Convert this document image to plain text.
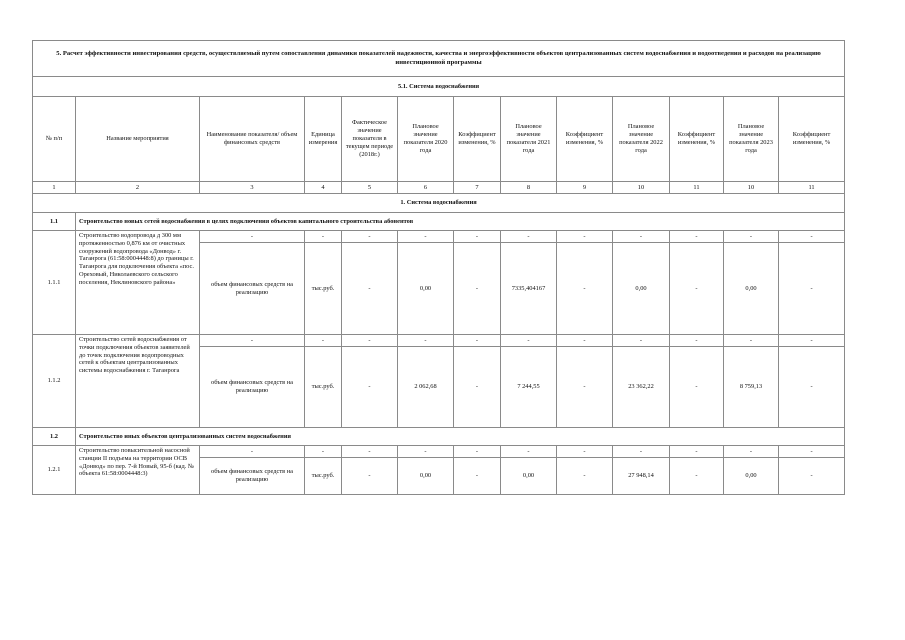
5. Расчет эффективности инвестирования средств, осуществляемый путем сопоставления динамики показателей надежности, качества и энергоэффективности объектов централизованных систем водоснабжения и водоотведения и расходов на реализацию инвестиционной программы												
5.1. Система водоснабжения												
№ п/п	Название мероприятия	Наименование показателя/ объем финансовых средств	Единица измерения	Фактическое значение показателя в текущем периоде (2018г.)	Плановое значение показателя 2020 года	Коэффициент изменения, %	Плановое значение показателя 2021 года	Коэффициент изменения, %	Плановое значение показателя 2022 года	Коэффициент изменения, %	Плановое значение показателя 2023 года	Коэффициент изменения, %
1	2	3	4	5	6	7	8	9	10	11	10	11
1. Система водоснабжения												
1.1	Строительство новых сетей водоснабжения в целях подключения объектов капитального строительства абонентов											
1.1.1	Строительство водопровода д 300 мм протяженностью 0,876 км от очистных сооружений водопровода «Донвод» г. Таганрога (61:58:0004448:8) до границы г. Таганрога для подключения объекта «пос. Ореховый, Николаевского сельского поселения, Неклиновского района»	-	-	-	-	-	-	-	-	-	-	-
		объем финансовых средств на реализацию	тыс.руб.	-	0,00	-	7335,404167	-	0,00	-	0,00	-
1.1.2	Строительство сетей водоснабжения от точки подключения объектов заявителей до точек подключения водопроводных сетей к объектам централизованных системы водоснабжения г. Таганрога	-	-	-	-	-	-	-	-	-	-	-
		объем финансовых средств на реализацию	тыс.руб.	-	2 062,68	-	7 244,55	-	23 362,22	-	8 759,13	-
1.2	Строительство иных объектов централизованных систем водоснабжения											
1.2.1	Строительство повысительной насосной станции II подъема на территории ОСВ «Донвод» по пер. 7-й Новый, 95-б (кад. № объекта 61:58:0004448:3)	-	-	-	-	-	-	-	-	-	-	-
		объем финансовых средств на реализацию	тыс.руб.	-	0,00	-	0,00	-	27 948,14	-	0,00	-
